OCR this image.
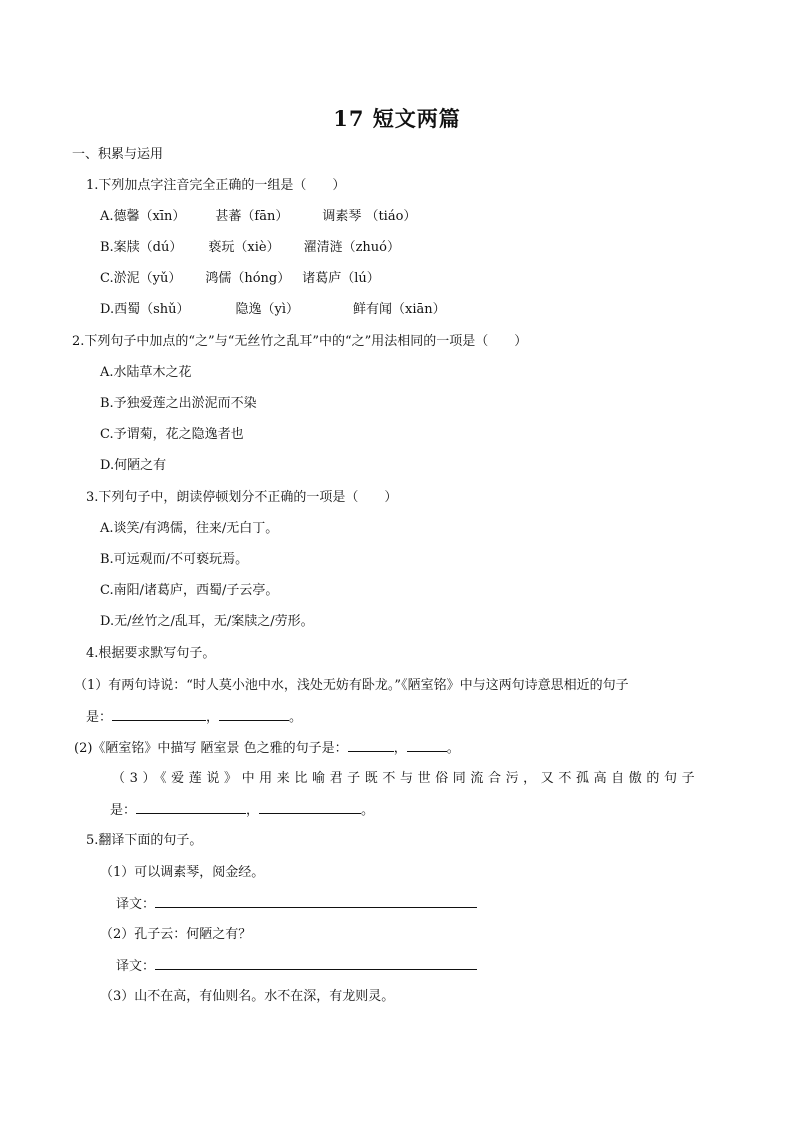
17 短文两篇
一、积累与运用
1.下列加点字注音完全正确的一组是（　　）
A.德馨（xīn） 甚蕃（fān）	调素琴 （tiáo）
B.案牍（dú） 亵玩（xiè） 濯清涟（zhuó）
C.淤泥（yǔ） 鸿儒（hóng） 诸葛庐（lú）
D.西蜀（shǔ）	隐逸（yì）	鲜有闻（xiān）
2.下列句子中加点的“之”与“无丝竹之乱耳”中的“之”用法相同的一项是（　　）
A.水陆草木之花
B.予独爱莲之出淤泥而不染
C.予谓菊，花之隐逸者也
D.何陋之有
3.下列句子中，朗读停顿划分不正确的一项是（　　）
A.谈笑/有鸿儒，往来/无白丁。
B.可远观而/不可亵玩焉。
C.南阳/诸葛庐，西蜀/子云亭。
D.无/丝竹之/乱耳，无/案牍之/劳形。
4.根据要求默写句子。
（1）有两句诗说：“时人莫小池中水，浅处无妨有卧龙。”《陋室铭》中与这两句诗意思相近的句子
是：	，	。
(2)《陋室铭》中描写 陋室景 色之雅的句子是：	，	。
（3）《爱莲说》中用来比喻君子既不与世俗同流合污，又不孤高自傲的句子
是：	，	。
5.翻译下面的句子。
（1）可以调素琴，阅金经。
译文：
（2）孔子云：何陋之有？
译文：
（3）山不在高，有仙则名。水不在深，有龙则灵。
